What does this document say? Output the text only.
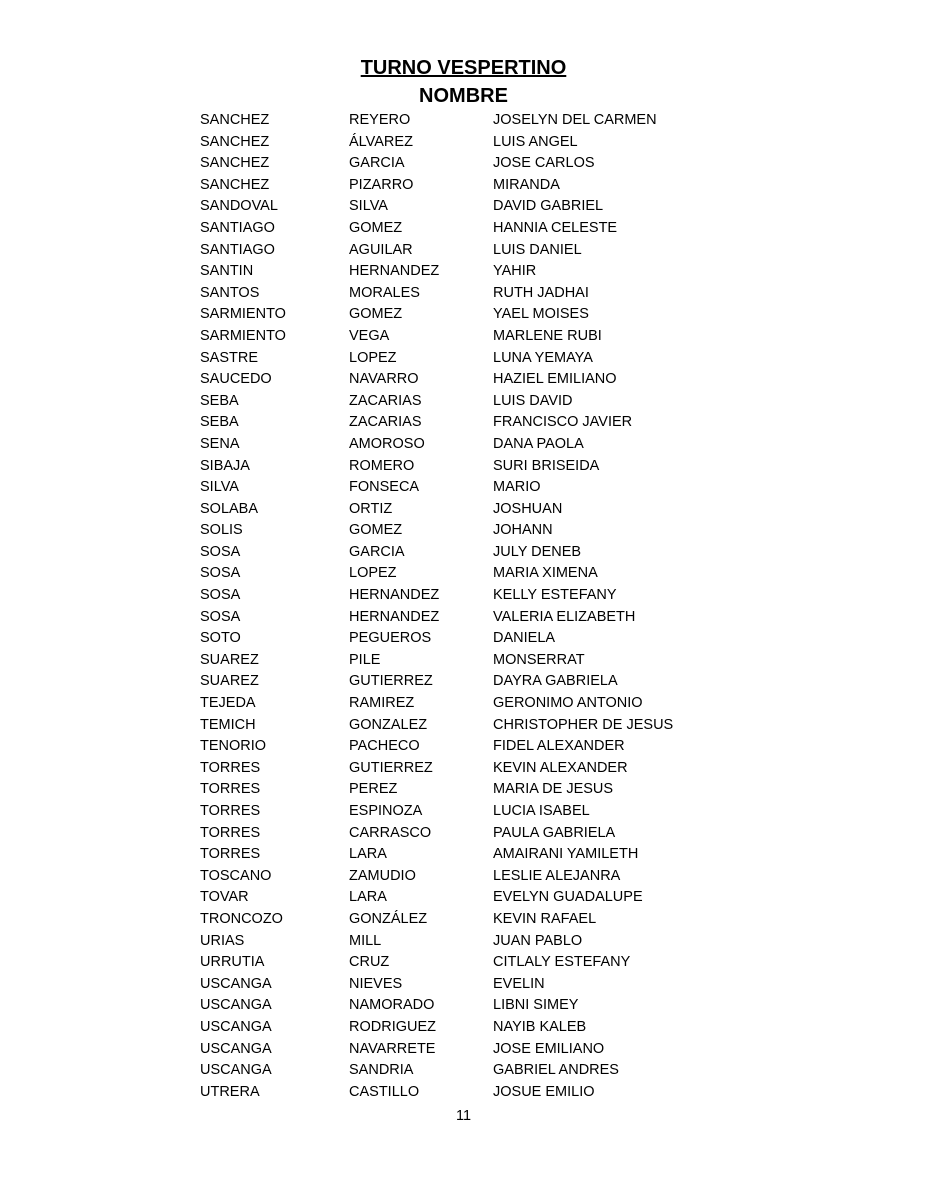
TURNO VESPERTINO
NOMBRE
SANCHEZ	REYERO	JOSELYN DEL CARMEN
SANCHEZ	ÁLVAREZ	LUIS ANGEL
SANCHEZ	GARCIA	JOSE CARLOS
SANCHEZ	PIZARRO	MIRANDA
SANDOVAL	SILVA	DAVID GABRIEL
SANTIAGO	GOMEZ	HANNIA CELESTE
SANTIAGO	AGUILAR	LUIS DANIEL
SANTIN	HERNANDEZ	YAHIR
SANTOS	MORALES	RUTH JADHAI
SARMIENTO	GOMEZ	YAEL MOISES
SARMIENTO	VEGA	MARLENE RUBI
SASTRE	LOPEZ	LUNA YEMAYA
SAUCEDO	NAVARRO	HAZIEL EMILIANO
SEBA	ZACARIAS	LUIS DAVID
SEBA	ZACARIAS	FRANCISCO JAVIER
SENA	AMOROSO	DANA PAOLA
SIBAJA	ROMERO	SURI BRISEIDA
SILVA	FONSECA	MARIO
SOLABA	ORTIZ	JOSHUAN
SOLIS	GOMEZ	JOHANN
SOSA	GARCIA	JULY DENEB
SOSA	LOPEZ	MARIA XIMENA
SOSA	HERNANDEZ	KELLY ESTEFANY
SOSA	HERNANDEZ	VALERIA ELIZABETH
SOTO	PEGUEROS	DANIELA
SUAREZ	PILE	MONSERRAT
SUAREZ	GUTIERREZ	DAYRA GABRIELA
TEJEDA	RAMIREZ	GERONIMO ANTONIO
TEMICH	GONZALEZ	CHRISTOPHER DE JESUS
TENORIO	PACHECO	FIDEL ALEXANDER
TORRES	GUTIERREZ	KEVIN ALEXANDER
TORRES	PEREZ	MARIA DE JESUS
TORRES	ESPINOZA	LUCIA ISABEL
TORRES	CARRASCO	PAULA GABRIELA
TORRES	LARA	AMAIRANI YAMILETH
TOSCANO	ZAMUDIO	LESLIE ALEJANRA
TOVAR	LARA	EVELYN GUADALUPE
TRONCOZO	GONZÁLEZ	KEVIN RAFAEL
URIAS	MILL	JUAN PABLO
URRUTIA	CRUZ	CITLALY ESTEFANY
USCANGA	NIEVES	EVELIN
USCANGA	NAMORADO	LIBNI SIMEY
USCANGA	RODRIGUEZ	NAYIB KALEB
USCANGA	NAVARRETE	JOSE EMILIANO
USCANGA	SANDRIA	GABRIEL ANDRES
UTRERA	CASTILLO	JOSUE EMILIO
11
